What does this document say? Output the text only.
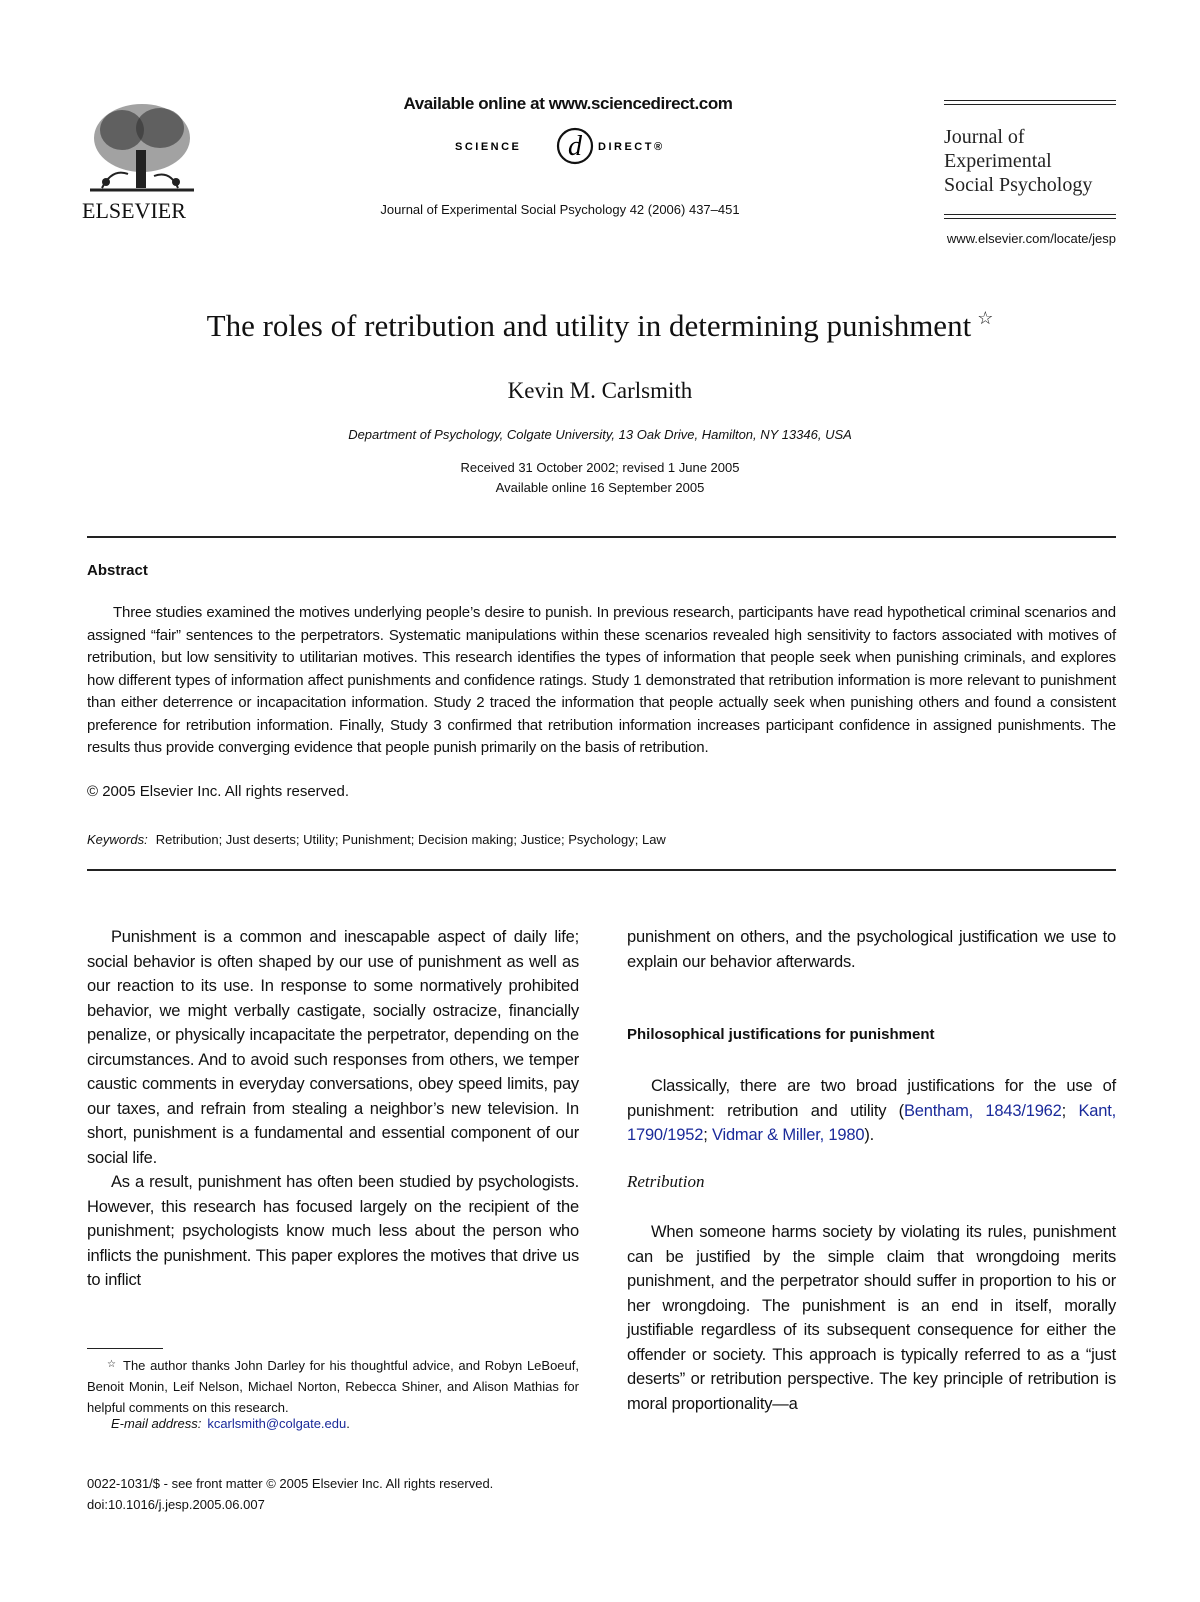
ELSEVIER
Available online at www.sciencedirect.com
SCIENCE d DIRECT®
Journal of Experimental Social Psychology 42 (2006) 437–451
Journal of
Experimental
Social Psychology
www.elsevier.com/locate/jesp
The roles of retribution and utility in determining punishment ☆
Kevin M. Carlsmith
Department of Psychology, Colgate University, 13 Oak Drive, Hamilton, NY 13346, USA
Received 31 October 2002; revised 1 June 2005
Available online 16 September 2005
Abstract
Three studies examined the motives underlying people’s desire to punish. In previous research, participants have read hypothetical criminal scenarios and assigned “fair” sentences to the perpetrators. Systematic manipulations within these scenarios revealed high sensitivity to factors associated with motives of retribution, but low sensitivity to utilitarian motives. This research identifies the types of information that people seek when punishing criminals, and explores how different types of information affect punishments and confidence ratings. Study 1 demonstrated that retribution information is more relevant to punishment than either deterrence or incapacitation information. Study 2 traced the information that people actually seek when punishing others and found a consistent preference for retribution information. Finally, Study 3 confirmed that retribution information increases participant confidence in assigned punishments. The results thus provide converging evidence that people punish primarily on the basis of retribution.
© 2005 Elsevier Inc. All rights reserved.
Keywords: Retribution; Just deserts; Utility; Punishment; Decision making; Justice; Psychology; Law

Punishment is a common and inescapable aspect of daily life; social behavior is often shaped by our use of punishment as well as our reaction to its use. In response to some normatively prohibited behavior, we might verbally castigate, socially ostracize, financially penalize, or physically incapacitate the perpetrator, depending on the circumstances. And to avoid such responses from others, we temper caustic comments in everyday conversations, obey speed limits, pay our taxes, and refrain from stealing a neighbor’s new television. In short, punishment is a fundamental and essential component of our social life.

As a result, punishment has often been studied by psychologists. However, this research has focused largely on the recipient of the punishment; psychologists know much less about the person who inflicts the punishment. This paper explores the motives that drive us to inflict

punishment on others, and the psychological justification we use to explain our behavior afterwards.
Philosophical justifications for punishment

Classically, there are two broad justifications for the use of punishment: retribution and utility (Bentham, 1843/1962; Kant, 1790/1952; Vidmar & Miller, 1980).

Retribution

When someone harms society by violating its rules, punishment can be justified by the simple claim that wrongdoing merits punishment, and the perpetrator should suffer in proportion to his or her wrongdoing. The punishment is an end in itself, morally justifiable regardless of its subsequent consequence for either the offender or society. This approach is typically referred to as a “just deserts” or retribution perspective. The key principle of retribution is moral proportionality—a

☆ The author thanks John Darley for his thoughtful advice, and Robyn LeBoeuf, Benoit Monin, Leif Nelson, Michael Norton, Rebecca Shiner, and Alison Mathias for helpful comments on this research.
E-mail address: kcarlsmith@colgate.edu.
0022-1031/$ - see front matter © 2005 Elsevier Inc. All rights reserved.
doi:10.1016/j.jesp.2005.06.007
